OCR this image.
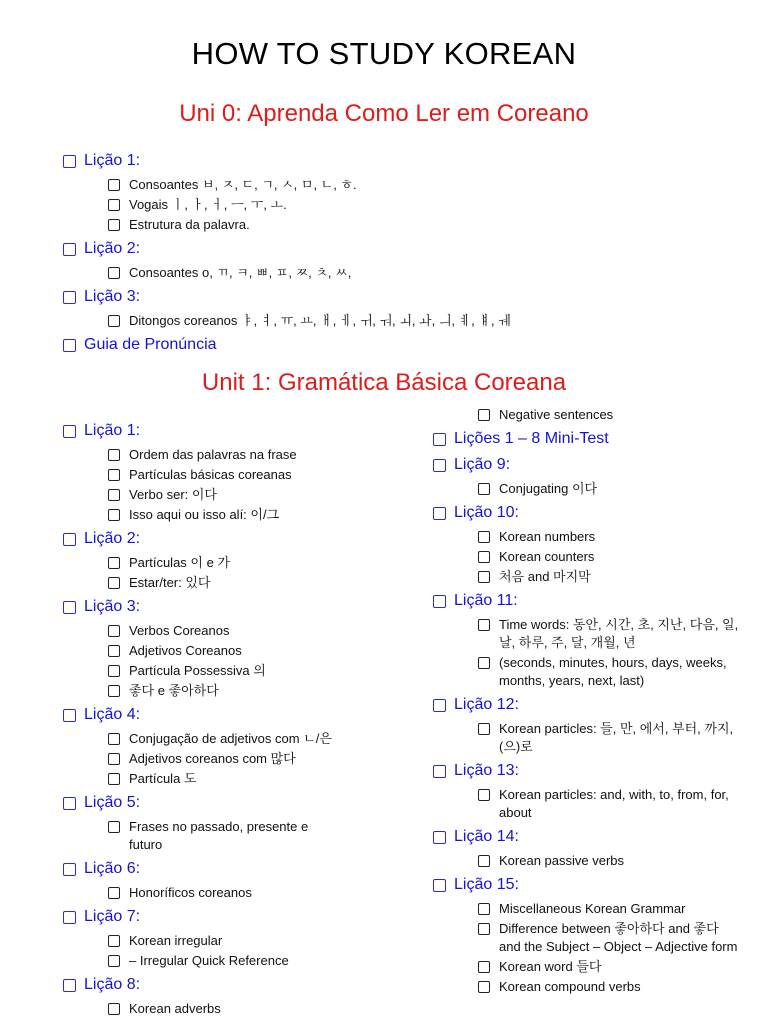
HOW TO STUDY KOREAN
Uni 0: Aprenda Como Ler em Coreano
Lição 1:
Consoantes ㅂ, ㅈ, ㄷ, ㄱ, ㅅ, ㅁ, ㄴ, ㅎ.
Vogais ㅣ, ㅏ, ㅓ, ㅡ, ㅜ, ㅗ.
Estrutura da palavra.
Lição 2:
Consoantes o, ㄲ, ㅋ, ㅃ, ㅍ, ㅉ, ㅊ, ㅆ,
Lição 3:
Ditongos coreanos ㅑ, ㅕ, ㅠ, ㅛ, ㅐ, ㅔ, ㅟ, ㅝ, ㅚ, ㅘ, ㅢ, ㅖ, ㅒ, ㅞ
Guia de Pronúncia
Unit 1: Gramática Básica Coreana
Lição 1:
Ordem das palavras na frase
Partículas básicas coreanas
Verbo ser: 이다
Isso aqui ou isso alí: 이/그
Lição 2:
Partículas 이 e 가
Estar/ter: 있다
Lição 3:
Verbos Coreanos
Adjetivos Coreanos
Partícula Possessiva 의
좋다 e 좋아하다
Lição 4:
Conjugação de adjetivos com ㄴ/은
Adjetivos coreanos com 많다
Partícula 도
Lição 5:
Frases no passado, presente e futuro
Lição 6:
Honoríficos coreanos
Lição 7:
Korean irregular
– Irregular Quick Reference
Lição 8:
Korean adverbs
Negative sentences
Lições 1 – 8 Mini-Test
Lição 9:
Conjugating 이다
Lição 10:
Korean numbers
Korean counters
처음 and 마지막
Lição 11:
Time words: 동안, 시간, 초, 지난, 다음, 일, 날, 하루, 주, 달, 개월, 년
(seconds, minutes, hours, days, weeks, months, years, next, last)
Lição 12:
Korean particles: 들, 만, 에서, 부터, 까지, (으)로
Lição 13:
Korean particles: and, with, to, from, for, about
Lição 14:
Korean passive verbs
Lição 15:
Miscellaneous Korean Grammar
Difference between 좋아하다 and 좋다 and the Subject – Object – Adjective form
Korean word 들다
Korean compound verbs
